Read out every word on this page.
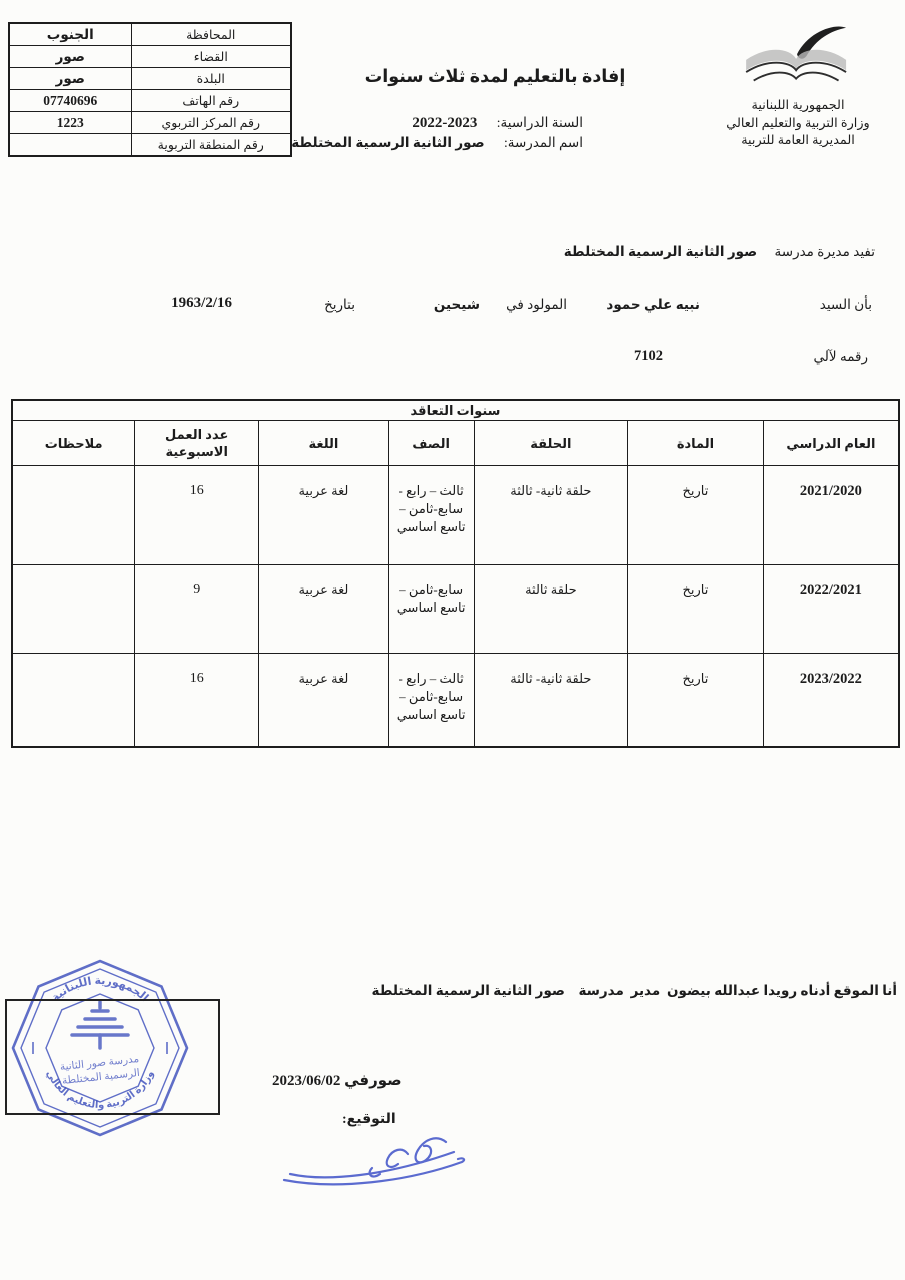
المحافظة	الجنوب
القضاء	صور
البلدة	صور
رقم الهاتف	07740696
رقم المركز التربوي	1223
رقم المنطقة التربوية	
الجمهورية اللبنانية
وزارة التربية والتعليم العالي
المديرية العامة للتربية
إفادة بالتعليم لمدة ثلاث سنوات
السنة الدراسية: 2023-2022
اسم المدرسة: صور الثانية الرسمية المختلطة
تفيد مديرة مدرسة صور الثانية الرسمية المختلطة
بأن السيد
نبيه علي حمود
المولود في
شيحين
بتاريخ
1963/2/16
رقمه لآلي
7102
سنوات التعاقد						
العام الدراسي	المادة	الحلقة	الصف	اللغة	عدد العمل الاسبوعية	ملاحظات
2021/2020	تاريخ	حلقة ثانية- ثالثة	ثالث – رابع - سابع-ثامن –تاسع اساسي	لغة عربية	16	
2022/2021	تاريخ	حلقة ثالثة	سابع-ثامن –تاسع اساسي	لغة عربية	9	
2023/2022	تاريخ	حلقة ثانية- ثالثة	ثالث – رابع - سابع-ثامن –تاسع اساسي	لغة عربية	16	
أنا الموقع أدناه رويدا عبدالله بيضون  مدير  مدرسة    صور الثانية الرسمية المختلطة
صورفي 2023/06/02
التوقيع:
الجمهورية اللبنانية
وزارة التربية والتعليم العالي
مدرسة صور الثانية
الرسمية المختلطة
